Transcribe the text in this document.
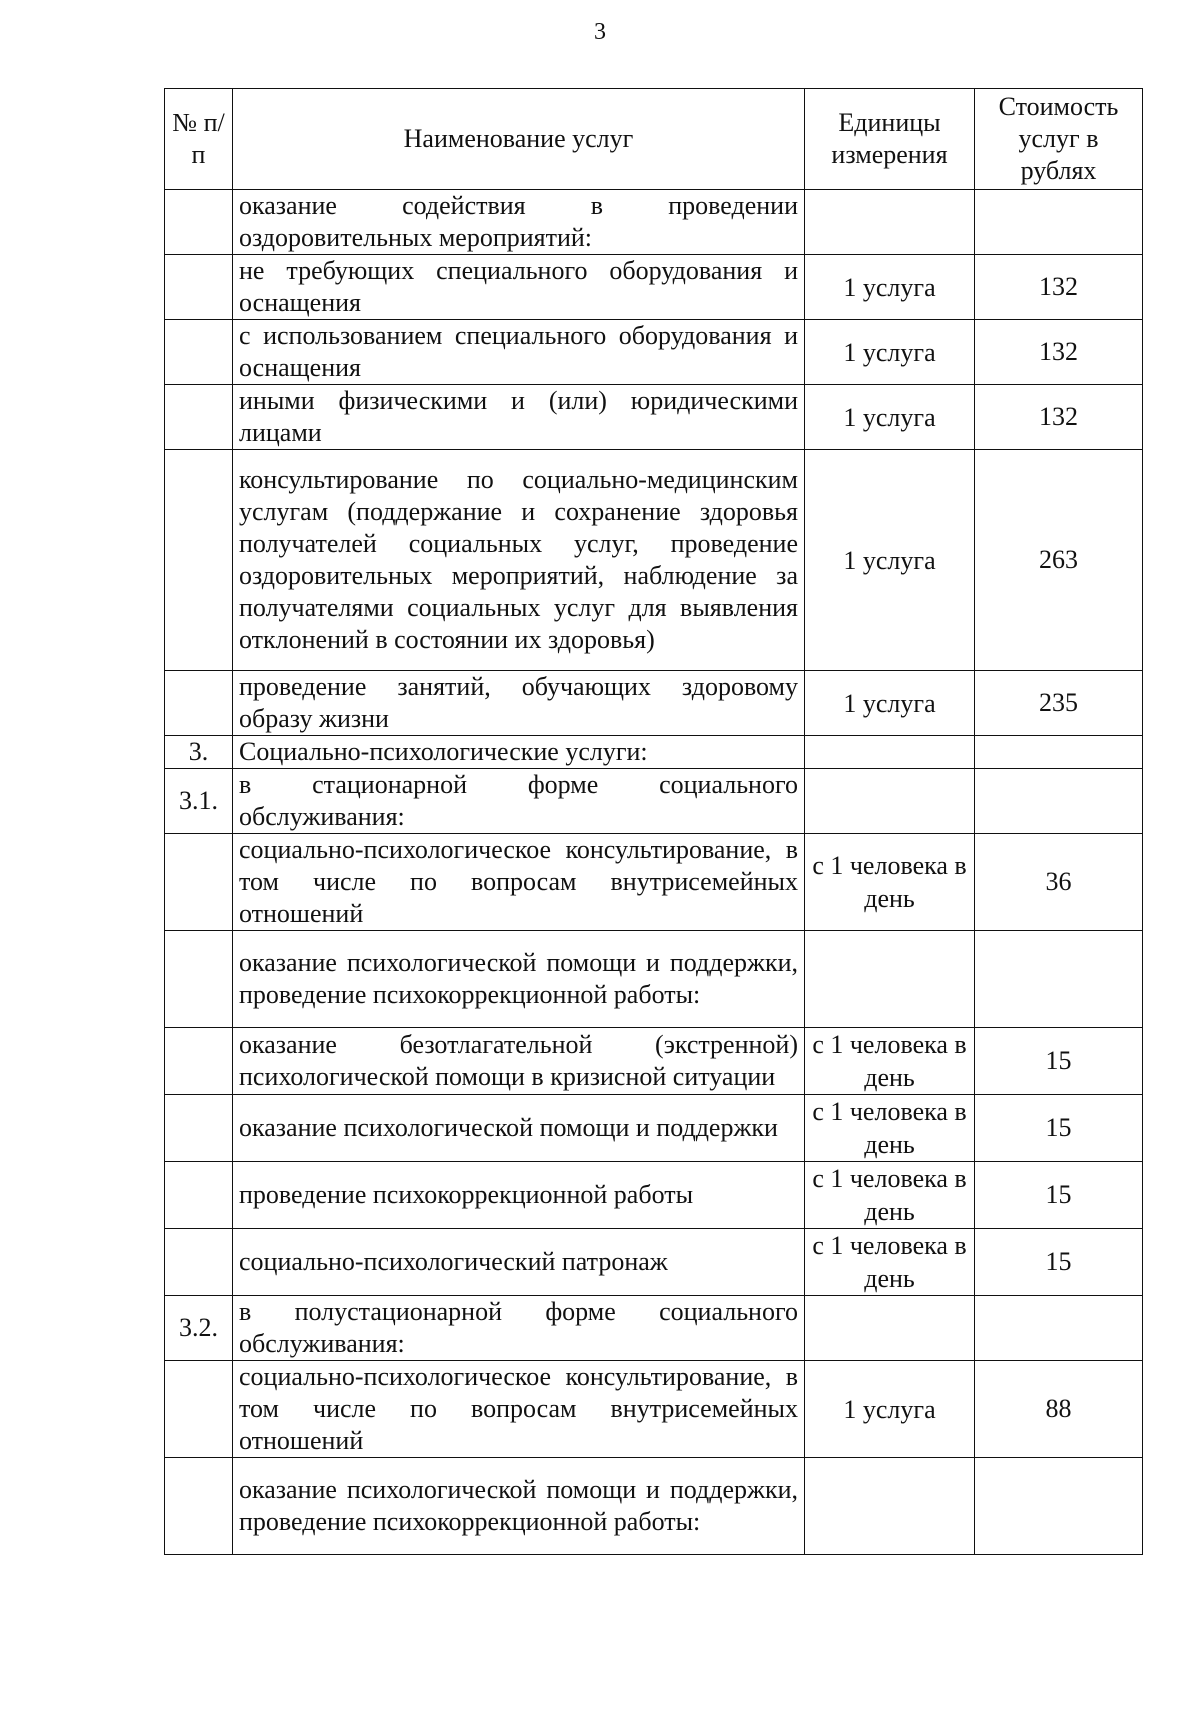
3
№ п/п	Наименование услуг	Единицы измерения	Стоимость услуг в рублях
	оказание содействия в проведении оздоровительных мероприятий:		
	не требующих специального оборудования и оснащения	1 услуга	132
	с использованием специального оборудования и оснащения	1 услуга	132
	иными физическими и (или) юридическими лицами	1 услуга	132
	консультирование по социально-медицинским услугам (поддержание и сохранение здоровья получателей социальных услуг, проведение оздоровительных мероприятий, наблюдение за получателями социальных услуг для выявления отклонений в состоянии их здоровья)	1 услуга	263
	проведение занятий, обучающих здоровому образу жизни	1 услуга	235
3.	Социально-психологические услуги:		
3.1.	в стационарной форме социального обслуживания:		
	социально-психологическое консультирование, в том числе по вопросам внутрисемейных отношений	с 1 человека в день	36
	оказание психологической помощи и поддержки, проведение психокоррекционной работы:		
	оказание безотлагательной (экстренной) психологической помощи в кризисной ситуации	с 1 человека в день	15
	оказание психологической помощи и поддержки	с 1 человека в день	15
	проведение психокоррекционной работы	с 1 человека в день	15
	социально-психологический патронаж	с 1 человека в день	15
3.2.	в полустационарной форме социального обслуживания:		
	социально-психологическое консультирование, в том числе по вопросам внутрисемейных отношений	1 услуга	88
	оказание психологической помощи и поддержки, проведение психокоррекционной работы:		
